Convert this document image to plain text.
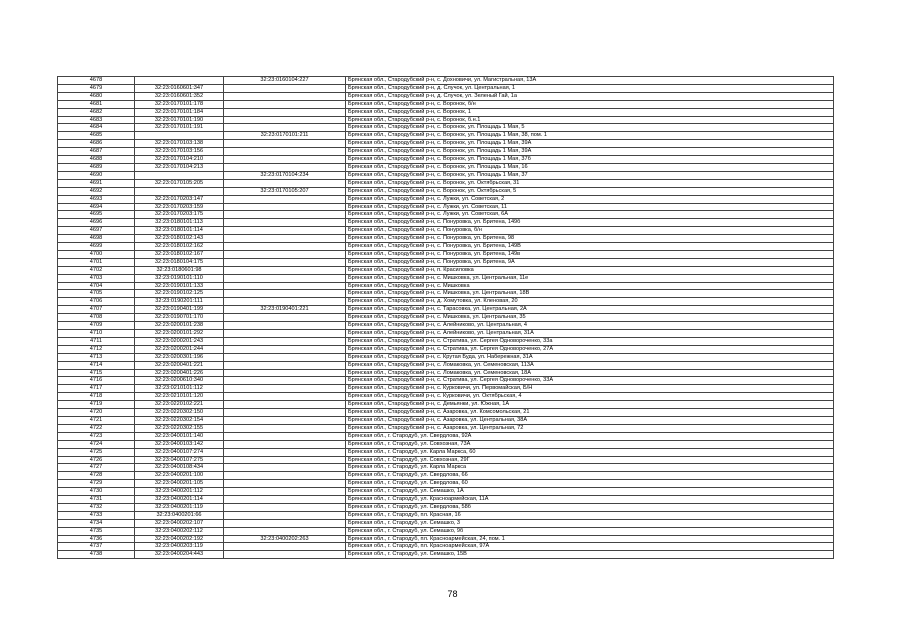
4678		32:23:0160104:227	Брянская обл., Стародубский р-н, с. Дохновичи, ул. Магистральная, 13А
4679	32:23:0160601:347		Брянская обл., Стародубский р-н, д. Случок, ул. Центральная, 1
4680	32:23:0160601:352		Брянская обл., Стародубский р-н, д. Случок, ул. Зеленый Гай, 1а
4681	32:23:0170101:178		Брянская обл., Стародубский р-н, с. Воронок, б/н
4682	32:23:0170101:184		Брянская обл., Стародубский р-н, с. Воронок, 1
4683	32:23:0170101:190		Брянская обл., Стародубский р-н, с. Воронок, б.н.1
4684	32:23:0170101:191		Брянская обл., Стародубский р-н, с. Воронок, ул. Площадь 1 Мая, 5
4685		32:23:0170101:211	Брянская обл., Стародубский р-н, с. Воронок, ул. Площадь 1 Мая, 38, пом. 1
4686	32:23:0170103:138		Брянская обл., Стародубский р-н, с. Воронок, ул. Площадь 1 Мая, 39А
4687	32:23:0170103:156		Брянская обл., Стародубский р-н, с. Воронок, ул. Площадь 1 Мая, 39А
4688	32:23:0170104:210		Брянская обл., Стародубский р-н, с. Воронок, ул. Площадь 1 Мая, 37б
4689	32:23:0170104:213		Брянская обл., Стародубский р-н, с. Воронок, ул. Площадь 1 Мая, 16
4690		32:23:0170104:234	Брянская обл., Стародубский р-н, с. Воронок, ул. Площадь 1 Мая, 37
4691	32:23:0170105:205		Брянская обл., Стародубский р-н, с. Воронок, ул. Октябрьская, 31
4692		32:23:0170105:207	Брянская обл., Стародубский р-н, с. Воронок, ул. Октябрьская, 5
4693	32:23:0170203:147		Брянская обл., Стародубский р-н, с. Лужки, ул. Советская, 2
4694	32:23:0170203:159		Брянская обл., Стародубский р-н, с. Лужки, ул. Советская, 11
4695	32:23:0170203:175		Брянская обл., Стародубский р-н, с. Лужки, ул. Советская, 6А
4696	32:23:0180101:113		Брянская обл., Стародубский р-н, с. Понуровка, ул. Бритена, 149б
4697	32:23:0180101:114		Брянская обл., Стародубский р-н, с. Понуровка, б/н
4698	32:23:0180102:143		Брянская обл., Стародубский р-н, с. Понуровка, ул. Бритена, 98
4699	32:23:0180102:162		Брянская обл., Стародубский р-н, с. Понуровка, ул. Бритена, 149В
4700	32:23:0180102:167		Брянская обл., Стародубский р-н, с. Понуровка, ул. Бритена, 149в
4701	32:23:0180104:175		Брянская обл., Стародубский р-н, с. Понуровка, ул. Бритена, 9А
4702	32:23:0180601:98		Брянская обл., Стародубский р-н, п. Красиловка
4703	32:23:0190101:110		Брянская обл., Стародубский р-н, с. Мишковка, ул. Центральная, 11е
4704	32:23:0190101:133		Брянская обл., Стародубский р-н, с. Мишковка
4705	32:23:0190102:125		Брянская обл., Стародубский р-н, с. Мишковка, ул. Центральная, 18В
4706	32:23:0190201:111		Брянская обл., Стародубский р-н, д. Хомутовка, ул. Кленовая, 20
4707	32:23:0190401:199	32:23:0190401:221	Брянская обл., Стародубский р-н, с. Тарасовка, ул. Центральная, 2А
4708	32:23:0190701:170		Брянская обл., Стародубский р-н, с. Мишковка, ул. Центральная, 35
4709	32:23:0200101:238		Брянская обл., Стародубский р-н, с. Алейниково, ул. Центральная, 4
4710	32:23:0200101:292		Брянская обл., Стародубский р-н, с. Алейниково, ул. Центральная, 31А
4711	32:23:0200201:243		Брянская обл., Стародубский р-н, с. Стратива, ул. Сергея Одновороченко, 33а
4712	32:23:0200201:244		Брянская обл., Стародубский р-н, с. Стратива, ул. Сергея Одновороченко, 27А
4713	32:23:0200301:196		Брянская обл., Стародубский р-н, с. Крутая Буда, ул. Набережная, 31А
4714	32:23:0200401:221		Брянская обл., Стародубский р-н, с. Ломаковка, ул. Семеновская, 113А
4715	32:23:0200401:226		Брянская обл., Стародубский р-н, с. Ломаковка, ул. Семеновская, 18А
4716	32:23:0200610:340		Брянская обл., Стародубский р-н, с. Стратива, ул. Сергея Одновороченко, 33А
4717	32:23:0210101:112		Брянская обл., Стародубский р-н, с. Курковичи, ул. Первомайская, Б/Н
4718	32:23:0210101:120		Брянская обл., Стародубский р-н, с. Курковичи, ул. Октябрьская, 4
4719	32:23:0220102:221		Брянская обл., Стародубский р-н, с. Демьянки, ул. Южная, 1А
4720	32:23:0220302:150		Брянская обл., Стародубский р-н, с. Азаровка, ул. Комсомольская, 21
4721	32:23:0220302:154		Брянская обл., Стародубский р-н, с. Азаровка, ул. Центральная, 38А
4722	32:23:0220302:155		Брянская обл., Стародубский р-н, с. Азаровка, ул. Центральная, 72
4723	32:23:0400101:140		Брянская обл., г. Стародуб, ул. Свердлова, 92А
4724	32:23:0400103:142		Брянская обл., г. Стародуб, ул. Совхозная, 73А
4725	32:23:0400107:274		Брянская обл., г. Стародуб, ул. Карла Маркса, 60
4726	32:23:0400107:275		Брянская обл., г. Стародуб, ул. Совхозная, 29Г
4727	32:23:0400108:434		Брянская обл., г. Стародуб, ул. Карла Маркса
4728	32:23:0400201:100		Брянская обл., г. Стародуб, ул. Свердлова, 66
4729	32:23:0400201:105		Брянская обл., г. Стародуб, ул. Свердлова, 60
4730	32:23:0400201:112		Брянская обл., г. Стародуб, ул. Семашко, 1А
4731	32:23:0400201:114		Брянская обл., г. Стародуб, ул. Красноармейская, 11А
4732	32:23:0400201:119		Брянская обл., г. Стародуб, ул. Свердлова, 58б
4733	32:23:0400201:66		Брянская обл., г. Стародуб, пл. Красная, 16
4734	32:23:0400202:107		Брянская обл., г. Стародуб, ул. Семашко, 3
4735	32:23:0400202:112		Брянская обл., г. Стародуб, ул. Семашко, 9б
4736	32:23:0400202:192	32:23:0400202:263	Брянская обл., г. Стародуб, пл. Красноармейская, 24, пом. 1
4737	32:23:0400203:119		Брянская обл., г. Стародуб, пл. Красноармейская, 97А
4738	32:23:0400204:443		Брянская обл., г. Стародуб, ул. Семашко, 15В
78
